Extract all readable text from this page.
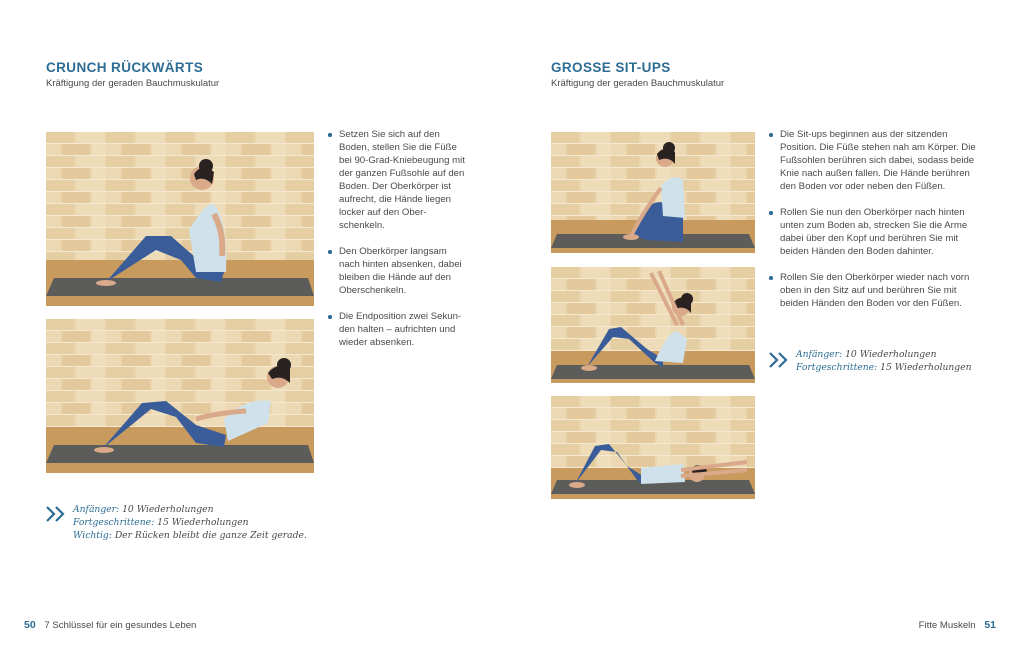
CRUNCH RÜCKWÄRTS
Kräftigung der geraden Bauchmuskulatur
Setzen Sie sich auf den Boden, stellen Sie die Füße bei 90-Grad-Kniebeugung mit der ganzen Fußsohle auf den Boden. Der Oberkörper ist aufrecht, die Hände liegen locker auf den Ober-schenkeln.
Den Oberkörper langsam nach hinten absenken, dabei bleiben die Hände auf den Oberschenkeln.
Die Endposition zwei Sekun-den halten – aufrichten und wieder absenken.
Anfänger: 10 Wiederholungen
Fortgeschrittene: 15 Wiederholungen
Wichtig: Der Rücken bleibt die ganze Zeit gerade.
50 7 Schlüssel für ein gesundes Leben
GROSSE SIT-UPS
Kräftigung der geraden Bauchmuskulatur
Die Sit-ups beginnen aus der sitzenden Position. Die Füße stehen nah am Körper. Die Fußsohlen berühren sich dabei, sodass beide Knie nach außen fallen. Die Hände berühren den Boden vor oder neben den Füßen.
Rollen Sie nun den Oberkörper nach hinten unten zum Boden ab, strecken Sie die Arme dabei über den Kopf und berühren Sie mit beiden Händen den Boden dahinter.
Rollen Sie den Oberkörper wieder nach vorn oben in den Sitz auf und berühren Sie mit beiden Händen den Boden vor den Füßen.
Anfänger: 10 Wiederholungen
Fortgeschrittene: 15 Wiederholungen
Fitte Muskeln 51
